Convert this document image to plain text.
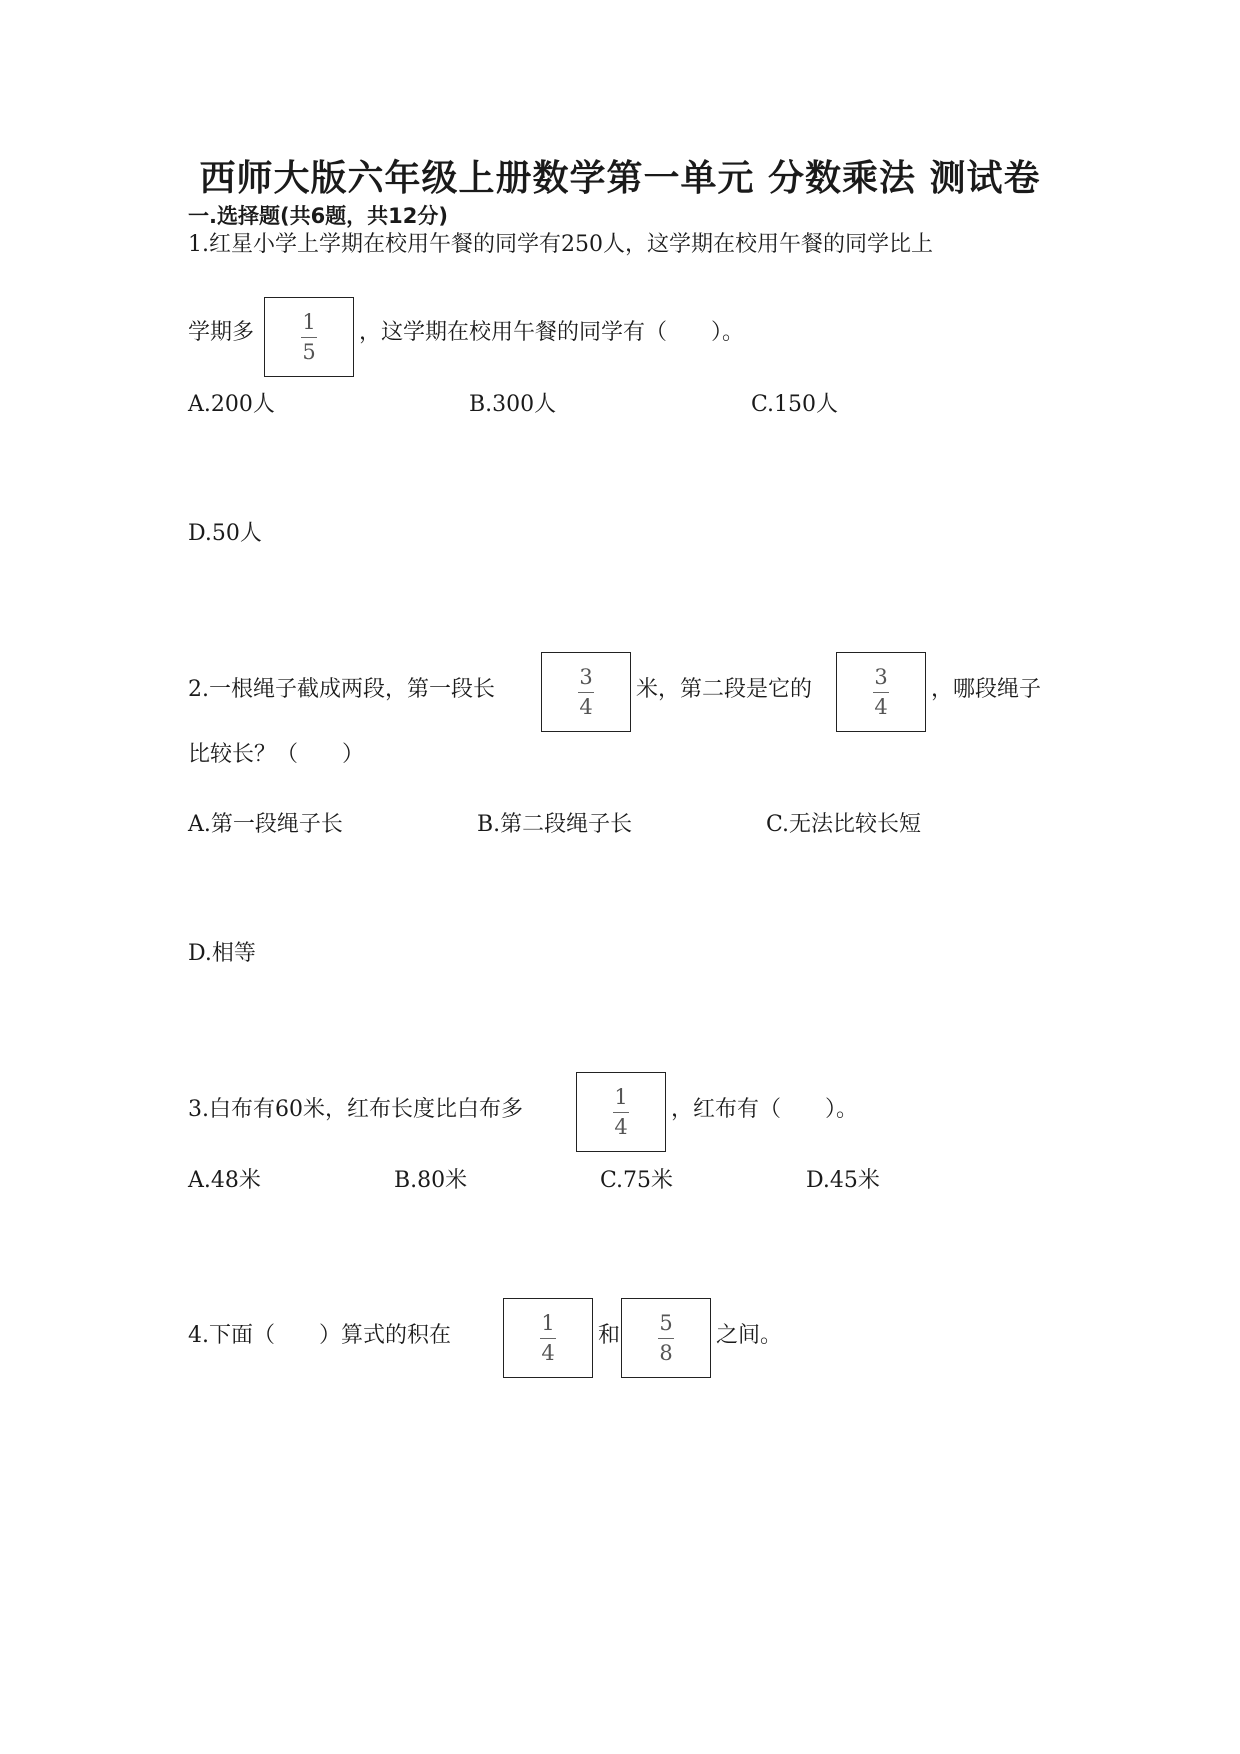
西师大版六年级上册数学第一单元 分数乘法 测试卷
一.选择题(共6题，共12分)
1.红星小学上学期在校用午餐的同学有250人，这学期在校用午餐的同学比上
学期多	1
5
，这学期在校用午餐的同学有（　　）。
A.200人	B.300人	C.150人
D.50人
2.一根绳子截成两段，第一段长	3
4
米，第二段是它的	3
4
，哪段绳子
比较长？（　　）
A.第一段绳子长	B.第二段绳子长	C.无法比较长短
D.相等
3.白布有60米，红布长度比白布多	1
4
，红布有（　　）。
A.48米	B.80米	C.75米	D.45米
4.下面（　　）算式的积在	1
4
和	5
8
之间。
